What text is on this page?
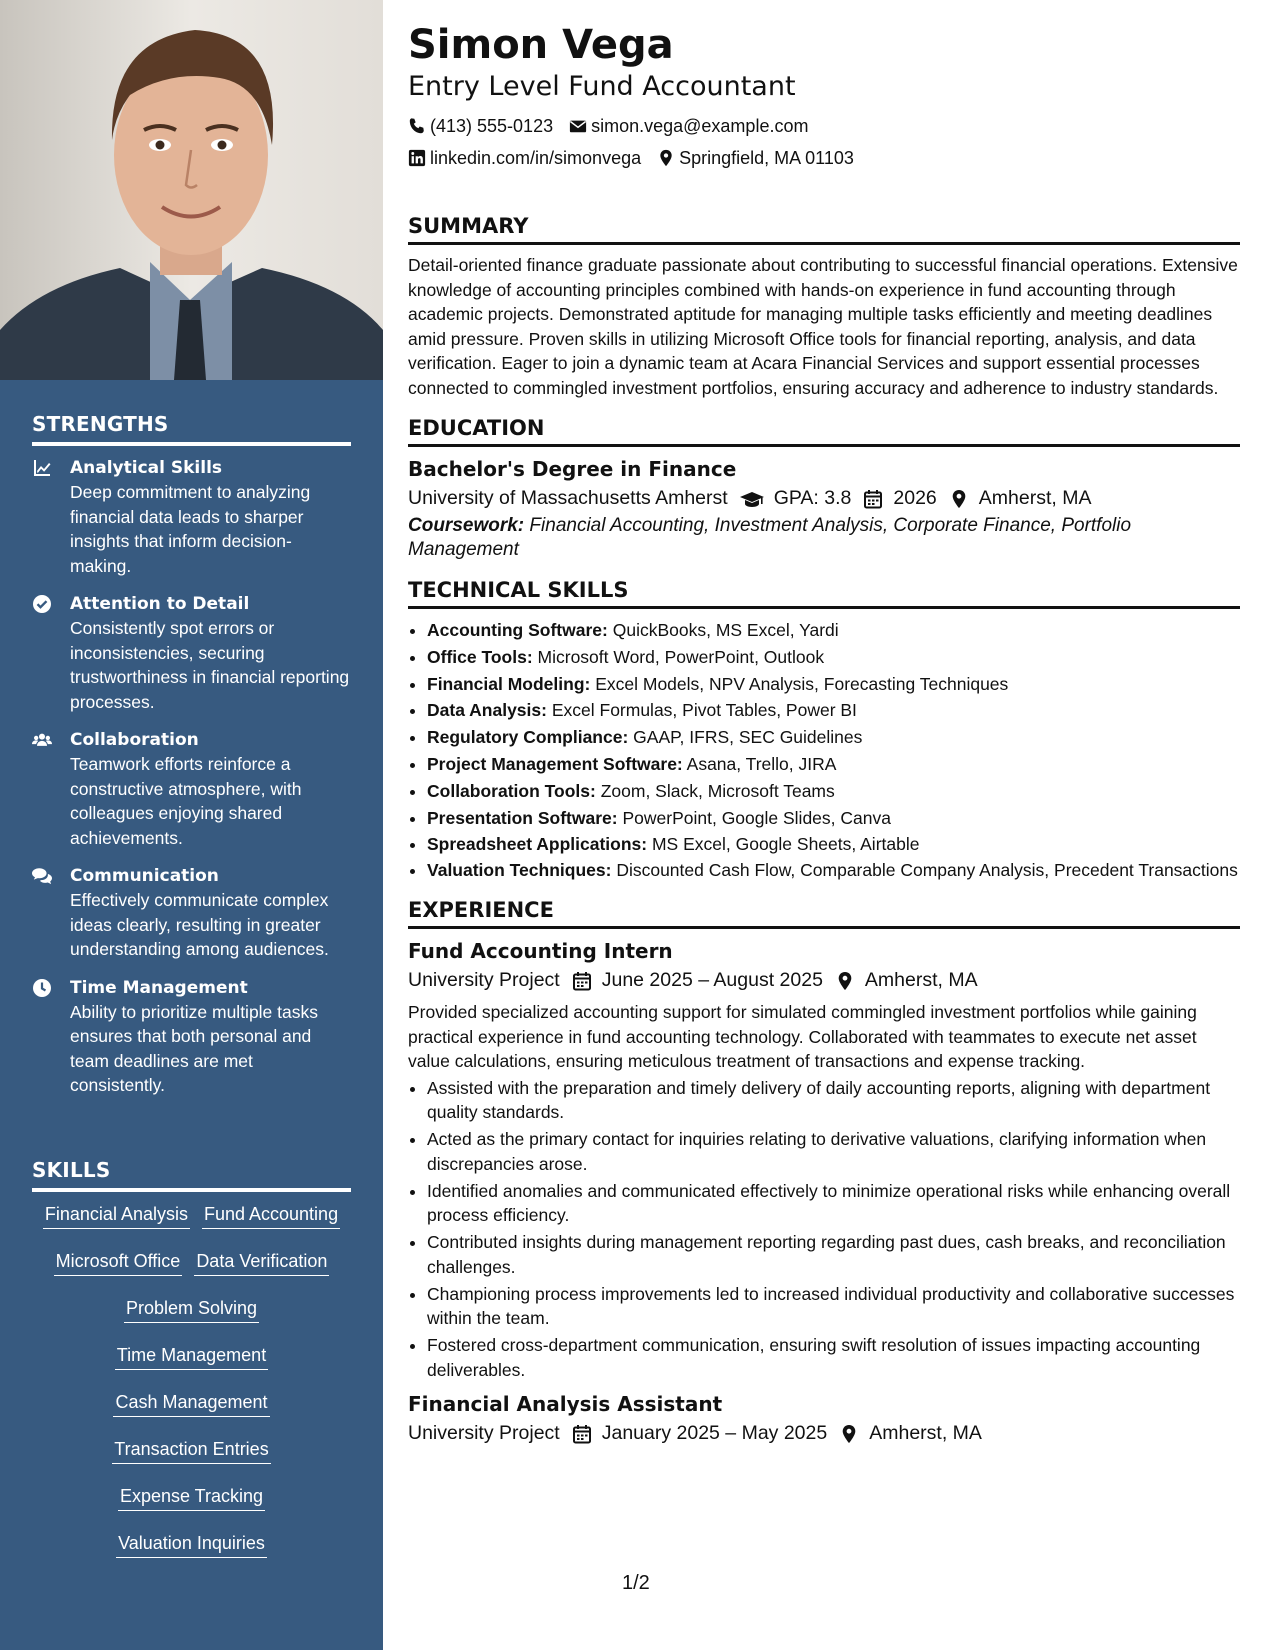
STRENGTHS
Analytical Skills
Deep commitment to analyzing financial data leads to sharper insights that inform decision-making.
Attention to Detail
Consistently spot errors or inconsistencies, securing trustworthiness in financial reporting processes.
Collaboration
Teamwork efforts reinforce a constructive atmosphere, with colleagues enjoying shared achievements.
Communication
Effectively communicate complex ideas clearly, resulting in greater understanding among audiences.
Time Management
Ability to prioritize multiple tasks ensures that both personal and team deadlines are met consistently.
SKILLS
Financial Analysis Fund Accounting
Microsoft Office Data Verification
Problem Solving
Time Management
Cash Management
Transaction Entries
Expense Tracking
Valuation Inquiries
Simon Vega
Entry Level Fund Accountant
(413) 555-0123 simon.vega@example.com
linkedin.com/in/simonvega Springfield, MA 01103
SUMMARY
Detail-oriented finance graduate passionate about contributing to successful financial operations. Extensive knowledge of accounting principles combined with hands-on experience in fund accounting through academic projects. Demonstrated aptitude for managing multiple tasks efficiently and meeting deadlines amid pressure. Proven skills in utilizing Microsoft Office tools for financial reporting, analysis, and data verification. Eager to join a dynamic team at Acara Financial Services and support essential processes connected to commingled investment portfolios, ensuring accuracy and adherence to industry standards.
EDUCATION
Bachelor's Degree in Finance
University of Massachusetts Amherst GPA: 3.8 2026 Amherst, MA
Coursework: Financial Accounting, Investment Analysis, Corporate Finance, Portfolio Management
TECHNICAL SKILLS
• Accounting Software: QuickBooks, MS Excel, Yardi
• Office Tools: Microsoft Word, PowerPoint, Outlook
• Financial Modeling: Excel Models, NPV Analysis, Forecasting Techniques
• Data Analysis: Excel Formulas, Pivot Tables, Power BI
• Regulatory Compliance: GAAP, IFRS, SEC Guidelines
• Project Management Software: Asana, Trello, JIRA
• Collaboration Tools: Zoom, Slack, Microsoft Teams
• Presentation Software: PowerPoint, Google Slides, Canva
• Spreadsheet Applications: MS Excel, Google Sheets, Airtable
• Valuation Techniques: Discounted Cash Flow, Comparable Company Analysis, Precedent Transactions
EXPERIENCE
Fund Accounting Intern
University Project June 2025 – August 2025 Amherst, MA
Provided specialized accounting support for simulated commingled investment portfolios while gaining practical experience in fund accounting technology. Collaborated with teammates to execute net asset value calculations, ensuring meticulous treatment of transactions and expense tracking.
• Assisted with the preparation and timely delivery of daily accounting reports, aligning with department quality standards.
• Acted as the primary contact for inquiries relating to derivative valuations, clarifying information when discrepancies arose.
• Identified anomalies and communicated effectively to minimize operational risks while enhancing overall process efficiency.
• Contributed insights during management reporting regarding past dues, cash breaks, and reconciliation challenges.
• Championing process improvements led to increased individual productivity and collaborative successes within the team.
• Fostered cross-department communication, ensuring swift resolution of issues impacting accounting deliverables.
Financial Analysis Assistant
University Project January 2025 – May 2025 Amherst, MA
1/2
